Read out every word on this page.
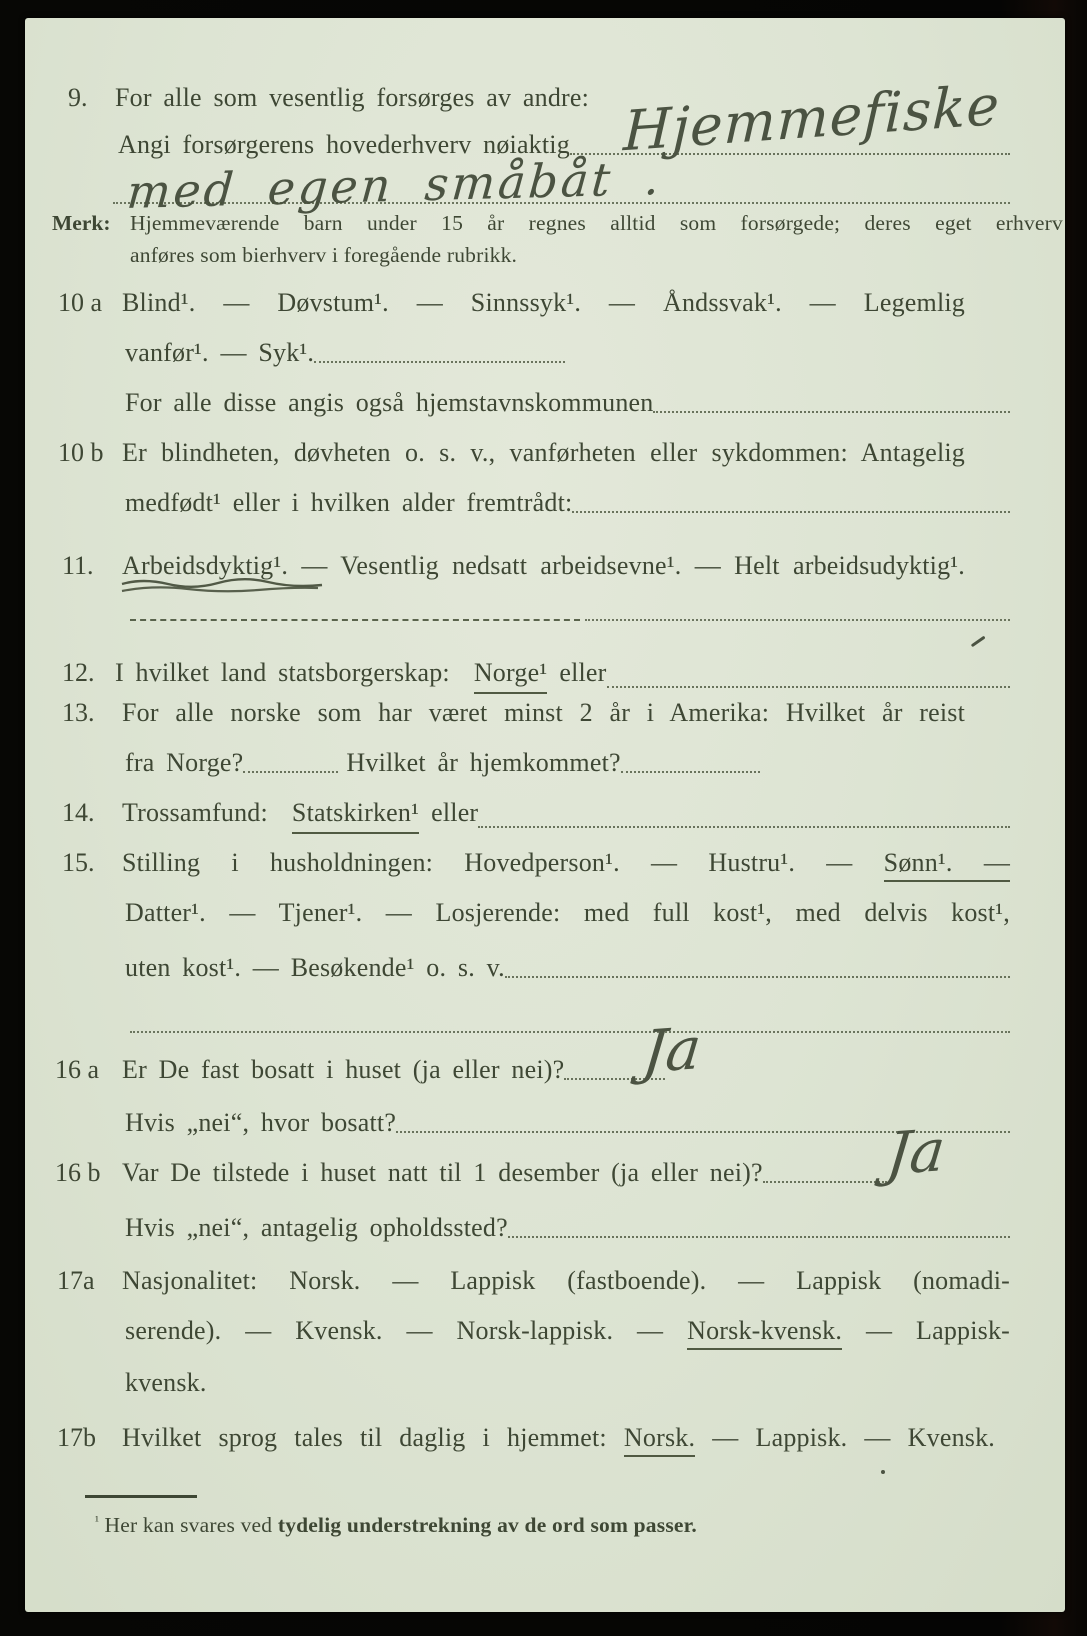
9. For alle som vesentlig forsørges av andre:
Angi forsørgerens hovederhverv nøiaktig Hjemmefiske
med egen småbåt .
Merk: Hjemmeværende barn under 15 år regnes alltid som forsørgede; deres eget erhverv
anføres som bierhverv i foregående rubrikk.
10 a Blind¹. — Døvstum¹. — Sinnssyk¹. — Åndssvak¹. — Legemlig
vanfør¹. — Syk¹.
For alle disse angis også hjemstavnskommunen
10 b Er blindheten, døvheten o. s. v., vanførheten eller sykdommen: Antagelig
medfødt¹ eller i hvilken alder fremtrådt:
11. Arbeidsdyktig¹. — Vesentlig nedsatt arbeidsevne¹. — Helt arbeidsudyktig¹.
12. I hvilket land statsborgerskap: Norge¹ eller
13. For alle norske som har været minst 2 år i Amerika: Hvilket år reist
fra Norge?	Hvilket år hjemkommet?
14. Trossamfund: Statskirken¹ eller
15. Stilling i husholdningen: Hovedperson¹. — Hustru¹. — Sønn¹. —
Datter¹. — Tjener¹. — Losjerende: med full kost¹, med delvis kost¹,
uten kost¹. — Besøkende¹ o. s. v.
16 a Er De fast bosatt i huset (ja eller nei)? Ja
Hvis „nei“, hvor bosatt?
16 b Var De tilstede i huset natt til 1 desember (ja eller nei)? Ja
Hvis „nei“, antagelig opholdssted?
17a Nasjonalitet: Norsk. — Lappisk (fastboende). — Lappisk (nomadi-
serende). — Kvensk. — Norsk-lappisk. — Norsk-kvensk. — Lappisk-
kvensk.
17b Hvilket sprog tales til daglig i hjemmet: Norsk. — Lappisk. — Kvensk.
$^{^1}$ Her kan svares ved tydelig understrekning av de ord som passer.
